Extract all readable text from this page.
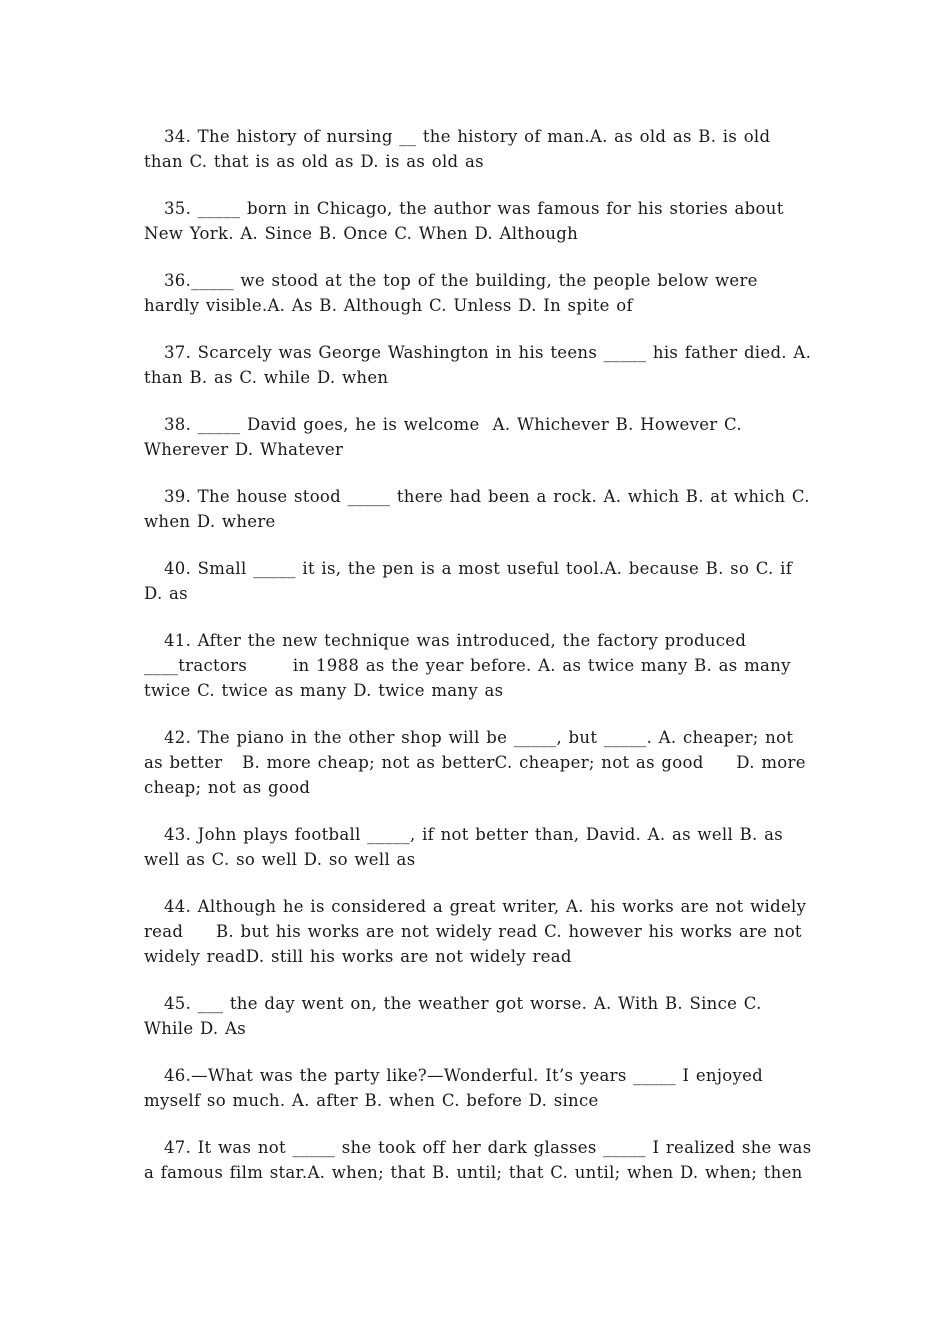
34. The history of nursing __ the history of man.A. as old as B. is old than C. that is as old as D. is as old as

35. _____ born in Chicago, the author was famous for his stories about New York. A. Since B. Once C. When D. Although

36._____ we stood at the top of the building, the people below were hardly visible.A. As B. Although C. Unless D. In spite of

37. Scarcely was George Washington in his teens _____ his father died. A. than B. as C. while D. when

38. _____ David goes, he is welcome  A. Whichever B. However C. Wherever D. Whatever

39. The house stood _____ there had been a rock. A. which B. at which C. when D. where

40. Small _____ it is, the pen is a most useful tool.A. because B. so C. if D. as

41. After the new technique was introduced, the factory produced ____tractors       in 1988 as the year before. A. as twice many B. as many twice C. twice as many D. twice many as

42. The piano in the other shop will be _____, but _____. A. cheaper; not as better   B. more cheap; not as betterC. cheaper; not as good     D. more cheap; not as good

43. John plays football _____, if not better than, David. A. as well B. as well as C. so well D. so well as

44. Although he is considered a great writer, A. his works are not widely read     B. but his works are not widely read C. however his works are not widely readD. still his works are not widely read

45. ___ the day went on, the weather got worse. A. With B. Since C. While D. As

46.—What was the party like?—Wonderful. It’s years _____ I enjoyed myself so much. A. after B. when C. before D. since

47. It was not _____ she took off her dark glasses _____ I realized she was a famous film star.A. when; that B. until; that C. until; when D. when; then
